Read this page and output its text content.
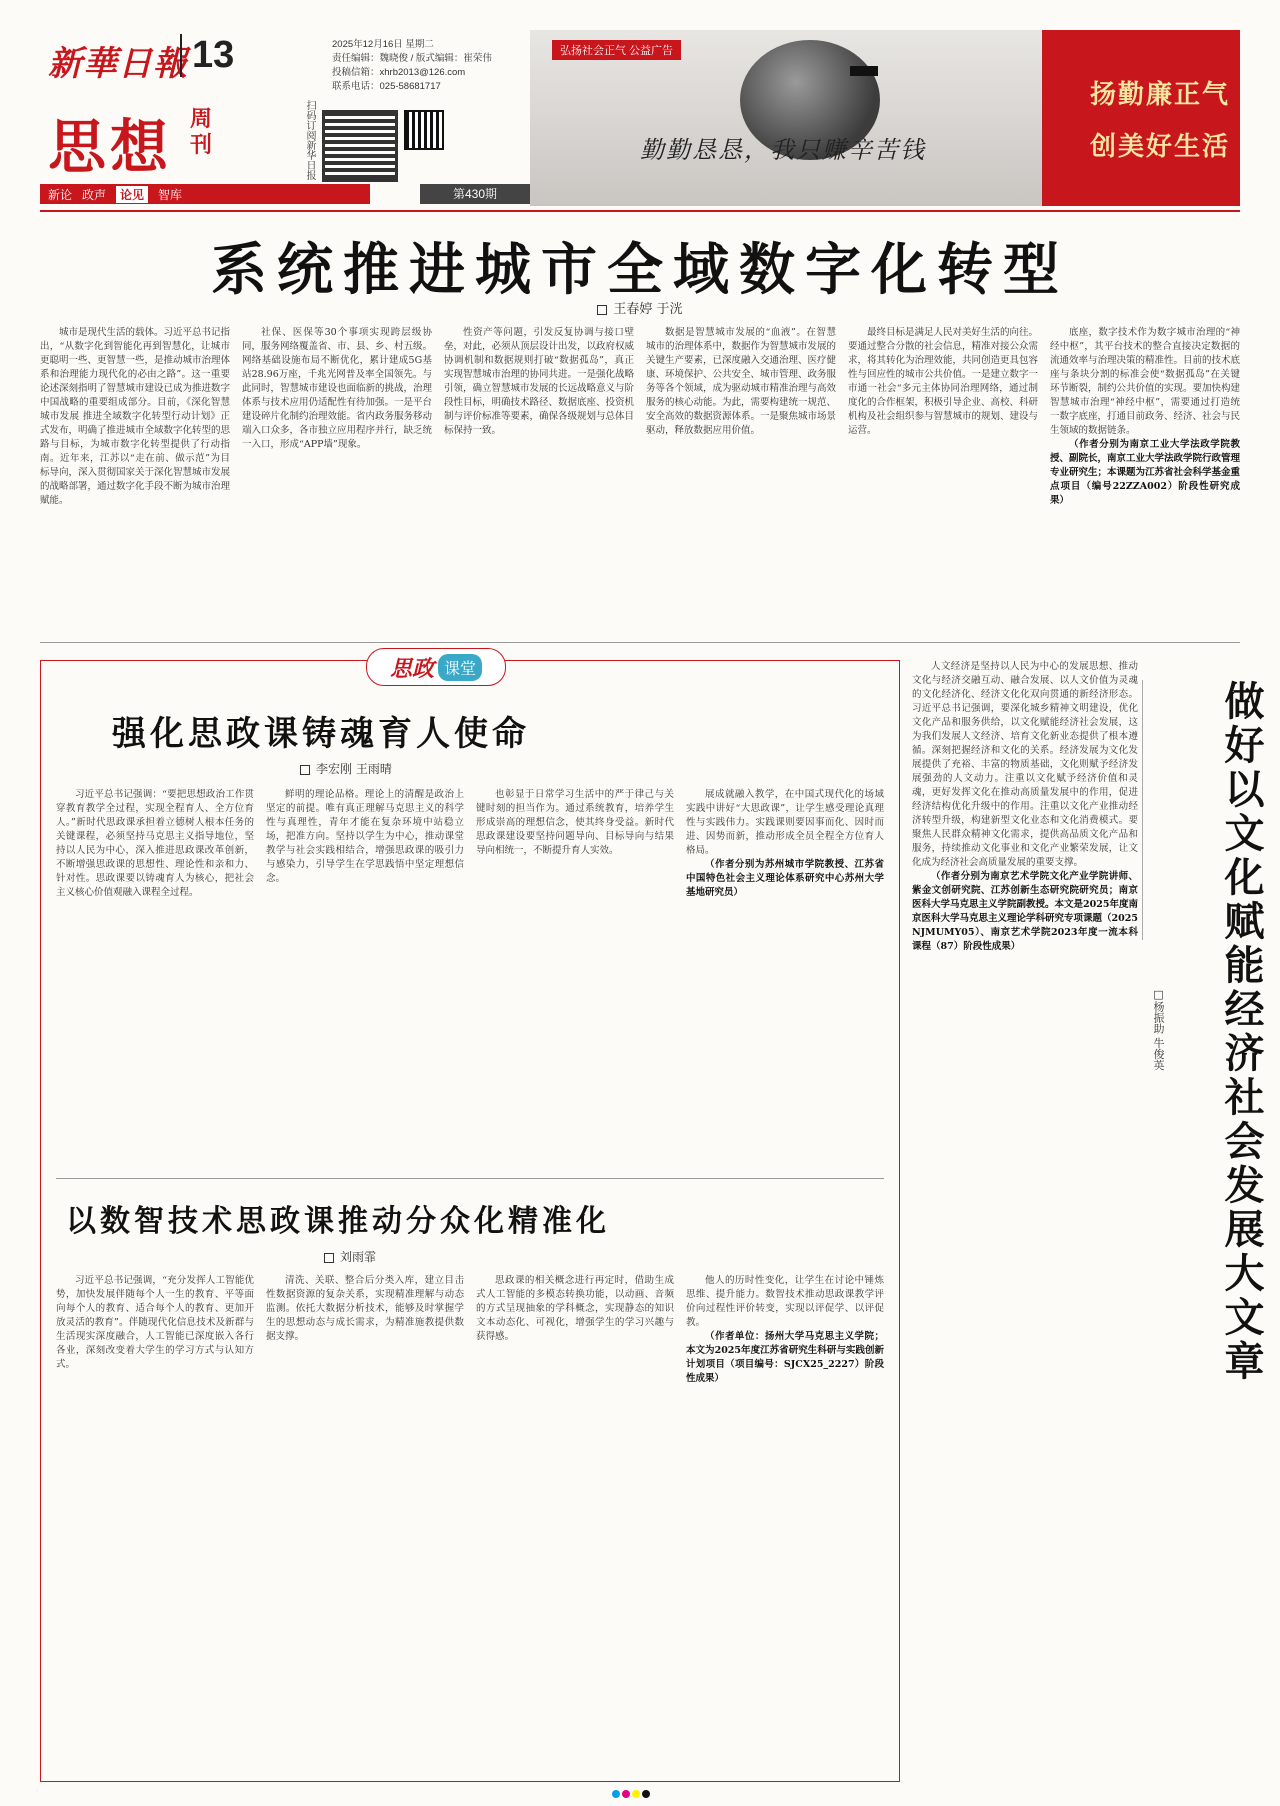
新華日報 13	2025年12月16日 星期二
责任编辑：魏晓俊 / 版式编辑：崔荣伟
投稿信箱：xhrb2013@126.com
联系电话：025-58681717
思想 周刊	扫码订阅新华日报
新论 政声	论见	智库	第430期
弘扬社会正气 公益广告
勤勤恳恳，我只赚辛苦钱
扬勤廉正气
创美好生活
系统推进城市全域数字化转型
王春婷 于洸

城市是现代生活的载体。习近平总书记指出，“从数字化到智能化再到智慧化，让城市更聪明一些、更智慧一些，是推动城市治理体系和治理能力现代化的必由之路”。这一重要论述深刻指明了智慧城市建设已成为推进数字中国战略的重要组成部分。目前，《深化智慧城市发展 推进全域数字化转型行动计划》正式发布，明确了推进城市全域数字化转型的思路与目标，为城市数字化转型提供了行动指南。近年来，江苏以“走在前、做示范”为目标导向，深入贯彻国家关于深化智慧城市发展的战略部署，通过数字化手段不断为城市治理赋能。

社保、医保等30个事项实现跨层级协同，服务网络覆盖省、市、县、乡、村五级。网络基础设施布局不断优化，累计建成5G基站28.96万座，千兆光网普及率全国领先。与此同时，智慧城市建设也面临新的挑战，治理体系与技术应用仍适配性有待加强。一是平台建设碎片化制约治理效能。省内政务服务移动端入口众多，各市独立应用程序并行，缺乏统一入口，形成“APP墙”现象。

性资产等问题，引发反复协调与接口壁垒，对此，必须从顶层设计出发，以政府权威协调机制和数据规则打破“数据孤岛”，真正实现智慧城市治理的协同共进。一是强化战略引领，确立智慧城市发展的长远战略意义与阶段性目标，明确技术路径、数据底座、投资机制与评价标准等要素，确保各级规划与总体目标保持一致。

数据是智慧城市发展的“血液”。在智慧城市的治理体系中，数据作为智慧城市发展的关键生产要素，已深度融入交通治理、医疗健康、环境保护、公共安全、城市管理、政务服务等各个领域，成为驱动城市精准治理与高效服务的核心动能。为此，需要构建统一规范、安全高效的数据资源体系。一是聚焦城市场景驱动，释放数据应用价值。

最终目标是满足人民对美好生活的向往。要通过整合分散的社会信息，精准对接公众需求，将其转化为治理效能，共同创造更具包容性与回应性的城市公共价值。一是建立数字一市通一社会“多元主体协同治理网络，通过制度化的合作框架，积极引导企业、高校、科研机构及社会组织参与智慧城市的规划、建设与运营。

底座，数字技术作为数字城市治理的“神经中枢”，其平台技术的整合直接决定数据的流通效率与治理决策的精准性。目前的技术底座与条块分割的标准会使“数据孤岛”在关键环节断裂，制约公共价值的实现。要加快构建智慧城市治理“神经中枢”，需要通过打造统一数字底座，打通目前政务、经济、社会与民生领域的数据链条。

（作者分别为南京工业大学法政学院教授、副院长，南京工业大学法政学院行政管理专业研究生；本课题为江苏省社会科学基金重点项目（编号22ZZA002）阶段性研究成果）

思政 课堂
强化思政课铸魂育人使命
李宏刚 王雨晴

习近平总书记强调：“要把思想政治工作贯穿教育教学全过程，实现全程育人、全方位育人。”新时代思政课承担着立德树人根本任务的关键课程，必须坚持马克思主义指导地位，坚持以人民为中心，深入推进思政课改革创新，不断增强思政课的思想性、理论性和亲和力、针对性。思政课要以铸魂育人为核心，把社会主义核心价值观融入课程全过程。

鲜明的理论品格。理论上的清醒是政治上坚定的前提。唯有真正理解马克思主义的科学性与真理性，青年才能在复杂环境中站稳立场，把准方向。坚持以学生为中心，推动课堂教学与社会实践相结合，增强思政课的吸引力与感染力，引导学生在学思践悟中坚定理想信念。

也彰显于日常学习生活中的严于律己与关键时刻的担当作为。通过系统教育，培养学生形成崇高的理想信念，使其终身受益。新时代思政课建设要坚持问题导向、目标导向与结果导向相统一，不断提升育人实效。

展成就融入教学，在中国式现代化的场域实践中讲好“大思政课”，让学生感受理论真理性与实践伟力。实践课则要因事而化、因时而进、因势而新，推动形成全员全程全方位育人格局。

（作者分别为苏州城市学院教授、江苏省中国特色社会主义理论体系研究中心苏州大学基地研究员）

以数智技术思政课推动分众化精准化
刘雨霏

习近平总书记强调，“充分发挥人工智能优势，加快发展伴随每个人一生的教育、平等面向每个人的教育、适合每个人的教育、更加开放灵活的教育”。伴随现代化信息技术及新群与生活现实深度融合，人工智能已深度嵌入各行各业，深刻改变着大学生的学习方式与认知方式。

清洗、关联、整合后分类入库，建立目击性数据资源的复杂关系，实现精准理解与动态监测。依托大数据分析技术，能够及时掌握学生的思想动态与成长需求，为精准施教提供数据支撑。

思政课的相关概念进行再定时，借助生成式人工智能的多模态转换功能，以动画、音频的方式呈现抽象的学科概念，实现静态的知识文本动态化、可视化，增强学生的学习兴趣与获得感。

他人的历时性变化，让学生在讨论中锤炼思维、提升能力。数智技术推动思政课教学评价向过程性评价转变，实现以评促学、以评促教。

（作者单位：扬州大学马克思主义学院；本文为2025年度江苏省研究生科研与实践创新计划项目（项目编号：SJCX25_2227）阶段性成果）	做好以文化赋能经济社会发展大文章
□杨振助 牛俊英

人文经济是坚持以人民为中心的发展思想、推动文化与经济交融互动、融合发展、以人文价值为灵魂的文化经济化、经济文化化双向贯通的新经济形态。习近平总书记强调，要深化城乡精神文明建设，优化文化产品和服务供给，以文化赋能经济社会发展，这为我们发展人文经济、培育文化新业态提供了根本遵循。深刻把握经济和文化的关系。经济发展为文化发展提供了充裕、丰富的物质基础，文化则赋予经济发展强劲的人文动力。注重以文化赋予经济价值和灵魂，更好发挥文化在推动高质量发展中的作用，促进经济结构优化升级中的作用。注重以文化产业推动经济转型升级，构建新型文化业态和文化消费模式。要聚焦人民群众精神文化需求，提供高品质文化产品和服务，持续推动文化事业和文化产业繁荣发展，让文化成为经济社会高质量发展的重要支撑。

（作者分别为南京艺术学院文化产业学院讲师、紫金文创研究院、江苏创新生态研究院研究员；南京医科大学马克思主义学院副教授。本文是2025年度南京医科大学马克思主义理论学科研究专项课题（2025NJMUMY05）、南京艺术学院2023年度一流本科课程（87）阶段性成果）
